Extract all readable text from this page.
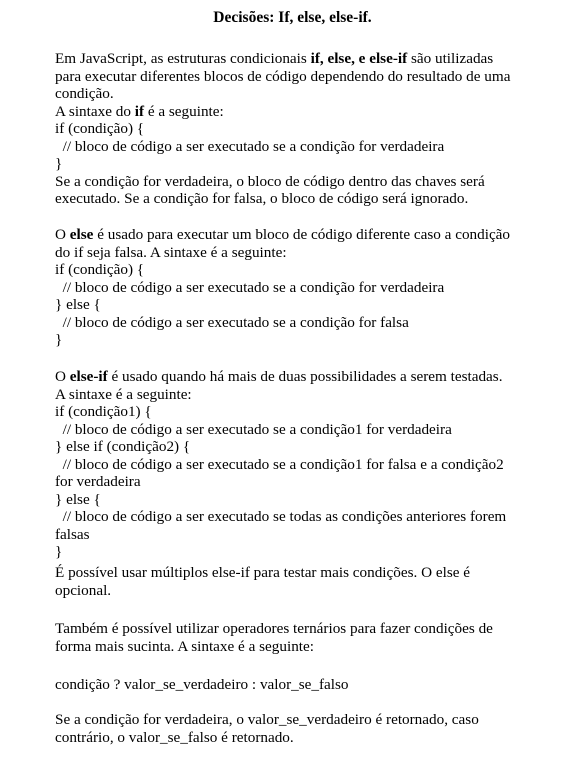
Decisões: If, else, else-if.
Em JavaScript, as estruturas condicionais if, else, e else-if são utilizadas
para executar diferentes blocos de código dependendo do resultado de uma
condição.
A sintaxe do if é a seguinte:
if (condição) {
// bloco de código a ser executado se a condição for verdadeira
}
Se a condição for verdadeira, o bloco de código dentro das chaves será
executado. Se a condição for falsa, o bloco de código será ignorado.
O else é usado para executar um bloco de código diferente caso a condição
do if seja falsa. A sintaxe é a seguinte:
if (condição) {
// bloco de código a ser executado se a condição for verdadeira
} else {
// bloco de código a ser executado se a condição for falsa
}
O else-if é usado quando há mais de duas possibilidades a serem testadas.
A sintaxe é a seguinte:
if (condição1) {
// bloco de código a ser executado se a condição1 for verdadeira
} else if (condição2) {
// bloco de código a ser executado se a condição1 for falsa e a condição2
for verdadeira
} else {
// bloco de código a ser executado se todas as condições anteriores forem
falsas
}
É possível usar múltiplos else-if para testar mais condições. O else é
opcional.
Também é possível utilizar operadores ternários para fazer condições de
forma mais sucinta. A sintaxe é a seguinte:
condição ? valor_se_verdadeiro : valor_se_falso
Se a condição for verdadeira, o valor_se_verdadeiro é retornado, caso
contrário, o valor_se_falso é retornado.
